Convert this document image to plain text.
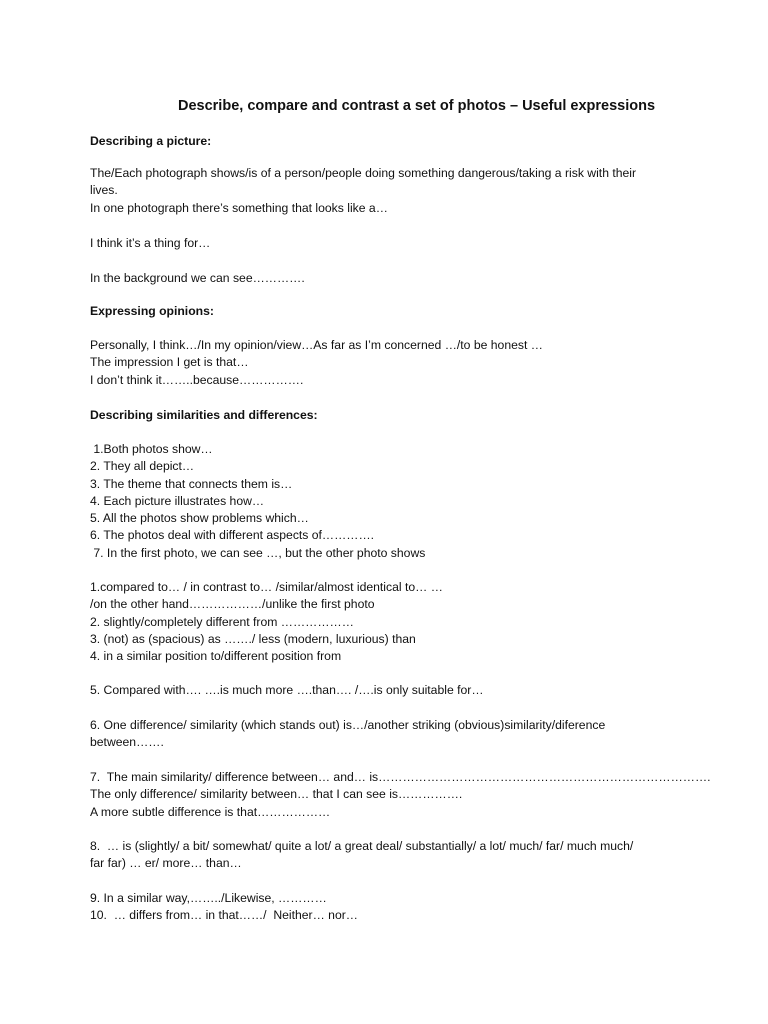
Describe, compare and contrast a set of photos – Useful expressions
Describing a picture:
The/Each photograph shows/is of a person/people doing something dangerous/taking a risk with their
lives.
In one photograph there’s something that looks like a…
I think it’s a thing for…
In the background we can see………….
Expressing opinions:
Personally, I think…/In my opinion/view…As far as I’m concerned …/to be honest …
The impression I get is that…
I don’t think it……..because…………….
Describing similarities and differences:
1.Both photos show…
2. They all depict…
3. The theme that connects them is…
4. Each picture illustrates how…
5. All the photos show problems which…
6. The photos deal with different aspects of………….
7. In the first photo, we can see …, but the other photo shows
1.compared to… / in contrast to… /similar/almost identical to… …
/on the other hand………………/unlike the first photo
2. slightly/completely different from ………………
3. (not) as (spacious) as ……./ less (modern, luxurious) than
4. in a similar position to/different position from
5. Compared with…. ….is much more ….than…. /….is only suitable for…
6. One difference/ similarity (which stands out) is…/another striking (obvious)similarity/diference
between…….
7.  The main similarity/ difference between… and… is……………………………………………………………………….
The only difference/ similarity between… that I can see is…………….
A more subtle difference is that………………
8.  … is (slightly/ a bit/ somewhat/ quite a lot/ a great deal/ substantially/ a lot/ much/ far/ much much/
far far) … er/ more… than…
9. In a similar way,……../Likewise, …………
10.  … differs from… in that……/  Neither… nor…
